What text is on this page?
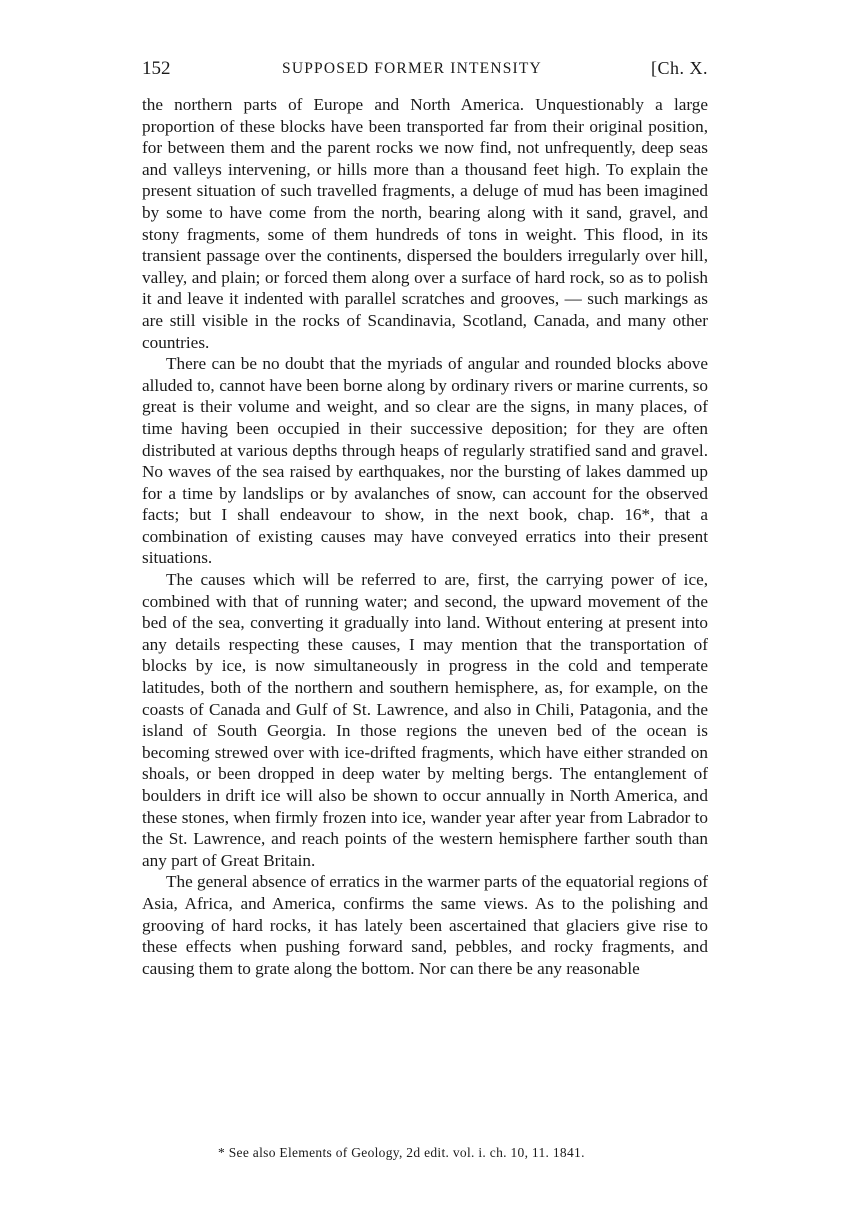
152	SUPPOSED FORMER INTENSITY	[Ch. X.

the northern parts of Europe and North America. Unquestionably a large proportion of these blocks have been transported far from their original position, for between them and the parent rocks we now find, not unfrequently, deep seas and valleys intervening, or hills more than a thousand feet high. To explain the present situation of such travelled fragments, a deluge of mud has been imagined by some to have come from the north, bearing along with it sand, gravel, and stony fragments, some of them hundreds of tons in weight. This flood, in its transient passage over the continents, dispersed the boulders irregularly over hill, valley, and plain; or forced them along over a surface of hard rock, so as to polish it and leave it indented with parallel scratches and grooves, — such markings as are still visible in the rocks of Scandinavia, Scotland, Canada, and many other countries.

There can be no doubt that the myriads of angular and rounded blocks above alluded to, cannot have been borne along by ordinary rivers or marine currents, so great is their volume and weight, and so clear are the signs, in many places, of time having been occupied in their successive deposition; for they are often distributed at various depths through heaps of regularly stratified sand and gravel. No waves of the sea raised by earthquakes, nor the bursting of lakes dammed up for a time by landslips or by avalanches of snow, can account for the observed facts; but I shall endeavour to show, in the next book, chap. 16*, that a combination of existing causes may have conveyed erratics into their present situations.

The causes which will be referred to are, first, the carrying power of ice, combined with that of running water; and second, the upward movement of the bed of the sea, converting it gradually into land. Without entering at present into any details respecting these causes, I may mention that the transportation of blocks by ice, is now simultaneously in progress in the cold and temperate latitudes, both of the northern and southern hemisphere, as, for example, on the coasts of Canada and Gulf of St. Lawrence, and also in Chili, Patagonia, and the island of South Georgia. In those regions the uneven bed of the ocean is becoming strewed over with ice-drifted fragments, which have either stranded on shoals, or been dropped in deep water by melting bergs. The entanglement of boulders in drift ice will also be shown to occur annually in North America, and these stones, when firmly frozen into ice, wander year after year from Labrador to the St. Lawrence, and reach points of the western hemisphere farther south than any part of Great Britain.

The general absence of erratics in the warmer parts of the equatorial regions of Asia, Africa, and America, confirms the same views. As to the polishing and grooving of hard rocks, it has lately been ascertained that glaciers give rise to these effects when pushing forward sand, pebbles, and rocky fragments, and causing them to grate along the bottom. Nor can there be any reasonable

* See also Elements of Geology, 2d edit. vol. i. ch. 10, 11. 1841.
